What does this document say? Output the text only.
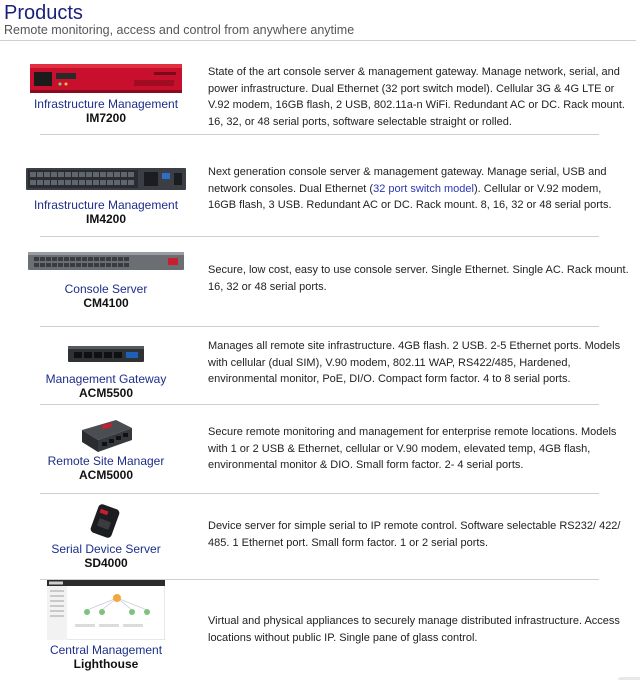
Products
Remote monitoring, access and control from anywhere anytime
Infrastructure Management
IM7200
State of the art console server & management gateway. Manage network, serial, and power infrastructure. Dual Ethernet (32 port switch model). Cellular 3G & 4G LTE or V.92 modem, 16GB flash, 2 USB, 802.11a-n WiFi. Redundant AC or DC. Rack mount. 16, 32, or 48 serial ports, software selectable straight or rolled.
Infrastructure Management
IM4200
Next generation console server & management gateway. Manage serial, USB and network consoles. Dual Ethernet (32 port switch model). Cellular or V.92 modem, 16GB flash, 3 USB. Redundant AC or DC. Rack mount. 8, 16, 32 or 48 serial ports.
Console Server
CM4100
Secure, low cost, easy to use console server. Single Ethernet. Single AC. Rack mount. 16, 32 or 48 serial ports.
Management Gateway
ACM5500
Manages all remote site infrastructure. 4GB flash. 2 USB. 2-5 Ethernet ports. Models with cellular (dual SIM), V.90 modem, 802.11 WAP, RS422/485, Hardened, environmental monitor, PoE, DI/O. Compact form factor. 4 to 8 serial ports.
Remote Site Manager
ACM5000
Secure remote monitoring and management for enterprise remote locations. Models with 1 or 2 USB & Ethernet, cellular or V.90 modem, elevated temp, 4GB flash, environmental monitor & DIO. Small form factor. 2- 4 serial ports.
Serial Device Server
SD4000
Device server for simple serial to IP remote control. Software selectable RS232/ 422/ 485. 1 Ethernet port. Small form factor. 1 or 2 serial ports.
Central Management
Lighthouse
Virtual and physical appliances to securely manage distributed infrastructure. Access locations without public IP. Single pane of glass control.
